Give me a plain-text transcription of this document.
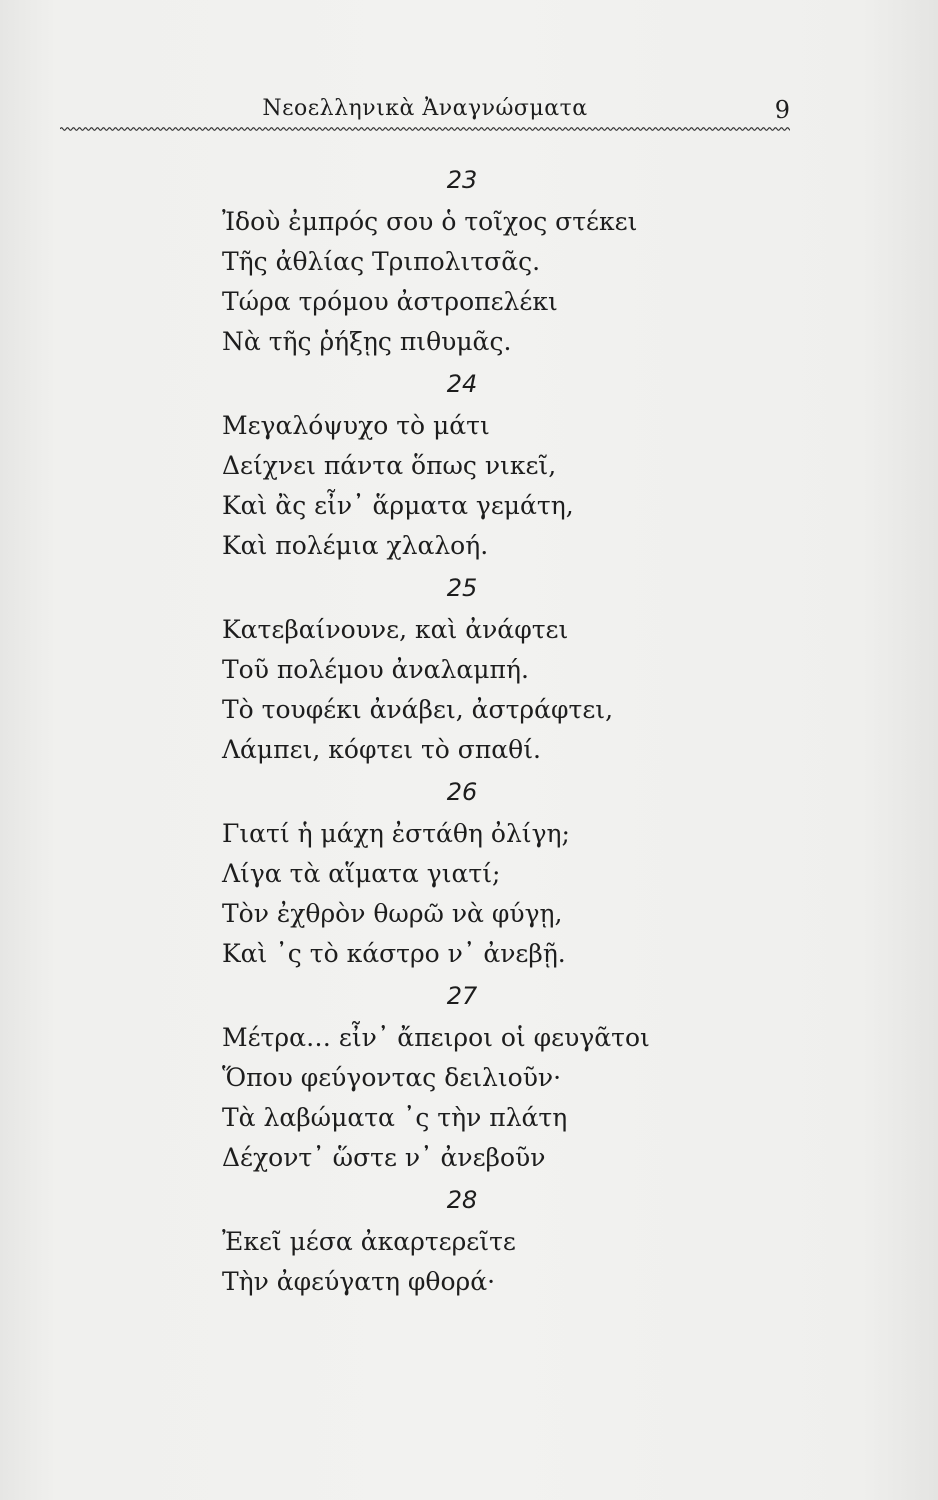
Νεοελληνικὰ Ἀναγνώσματα	9
23
Ἰδοὺ ἐμπρός σου ὁ τοῖχος στέκει
Τῆς ἀθλίας Τριπολιτσᾶς.
Τώρα τρόμου ἀστροπελέκι
Νὰ τῆς ῥήξῃς πιθυμᾶς.
24
Μεγαλόψυχο τὸ μάτι
Δείχνει πάντα ὅπως νικεῖ,
Καὶ ἂς εἶν᾽ ἅρματα γεμάτη,
Καὶ πολέμια χλαλοή.
25
Κατεβαίνουνε, καὶ ἀνάφτει
Τοῦ πολέμου ἀναλαμπή.
Τὸ τουφέκι ἀνάβει, ἀστράφτει,
Λάμπει, κόφτει τὸ σπαθί.
26
Γιατί ἡ μάχη ἐστάθη ὀλίγη;
Λίγα τὰ αἵματα γιατί;
Τὸν ἐχθρὸν θωρῶ νὰ φύγῃ,
Καὶ ᾽ς τὸ κάστρο ν᾽ ἀνεβῇ.
27
Μέτρα… εἶν᾽ ἄπειροι οἱ φευγᾶτοι
Ὅπου φεύγοντας δειλιοῦν·
Τὰ λαβώματα ᾽ς τὴν πλάτη
Δέχοντ᾽ ὥστε ν᾽ ἀνεβοῦν
28
Ἐκεῖ μέσα ἀκαρτερεῖτε
Τὴν ἀφεύγατη φθορά·
